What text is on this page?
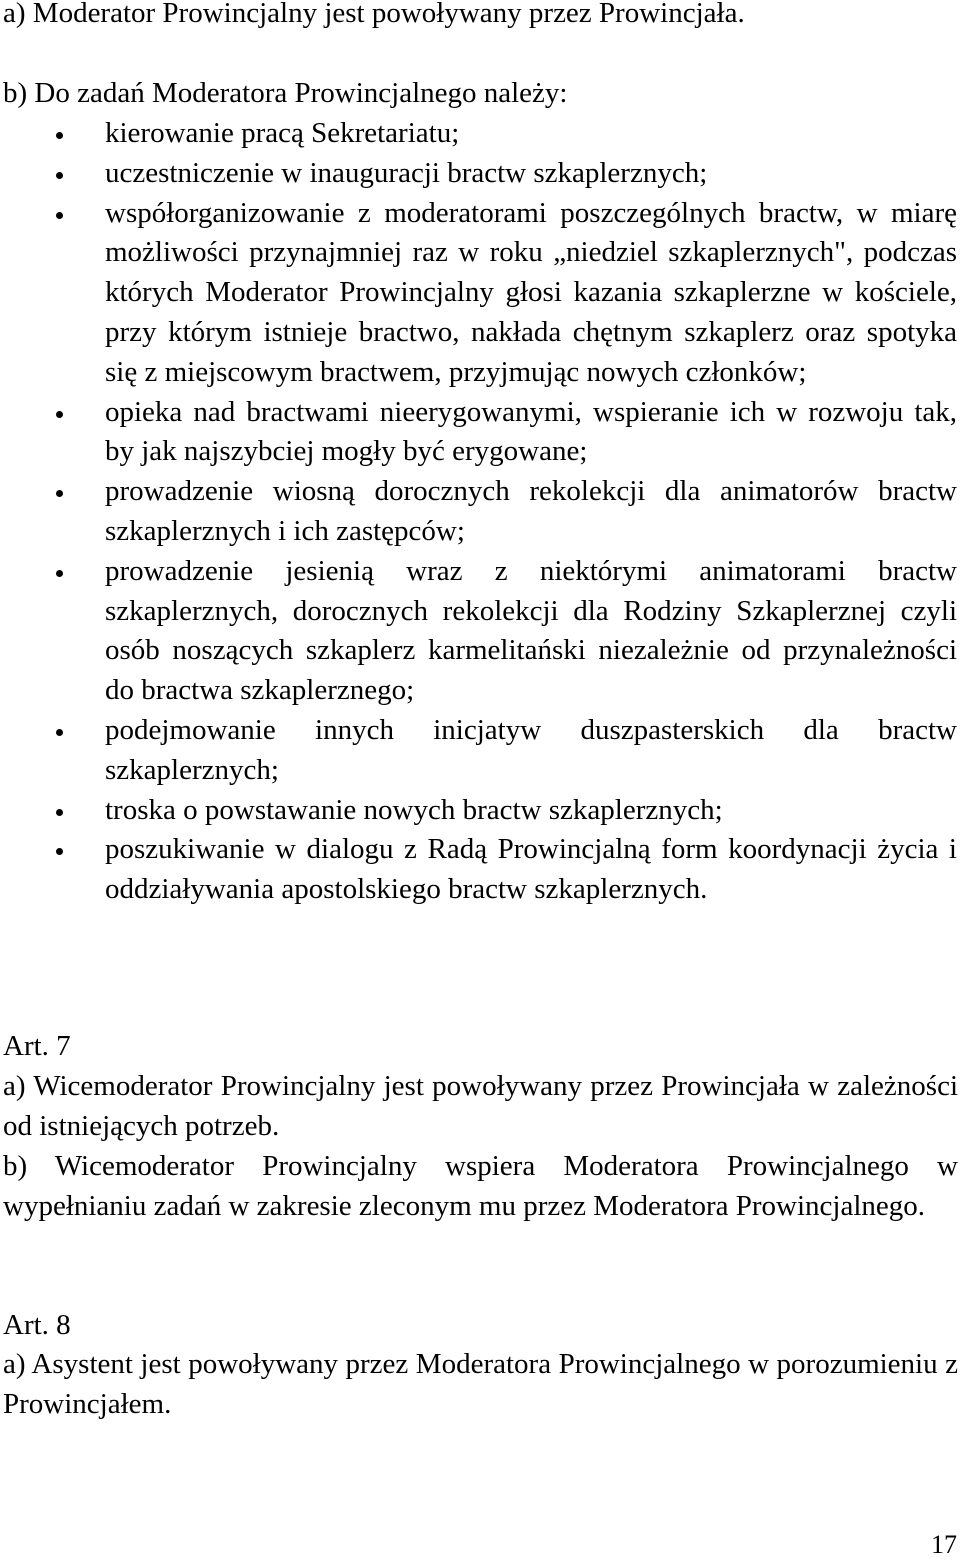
a) Moderator Prowincjalny jest powoływany przez Prowincjała.

b) Do zadań Moderatora Prowincjalnego należy:

kierowanie pracą Sekretariatu;
uczestniczenie w inauguracji bractw szkaplerznych;
współorganizowanie z moderatorami poszczególnych bractw, w miarę możliwości przynajmniej raz w roku „niedziel szkaplerznych", podczas których Moderator Prowincjalny głosi kazania szkaplerzne w kościele, przy którym istnieje bractwo, nakłada chętnym szkaplerz oraz spotyka się z miejscowym bractwem, przyjmując nowych członków;
opieka nad bractwami nieerygowanymi, wspieranie ich w rozwoju tak, by jak najszybciej mogły być erygowane;
prowadzenie wiosną dorocznych rekolekcji dla animatorów bractw szkaplerznych i ich zastępców;
prowadzenie jesienią wraz z niektórymi animatorami bractw szkaplerznych, dorocznych rekolekcji dla Rodziny Szkaplerznej czyli osób noszących szkaplerz karmelitański niezależnie od przynależności do bractwa szkaplerznego;
podejmowanie innych inicjatyw duszpasterskich dla bractw szkaplerznych;
troska o powstawanie nowych bractw szkaplerznych;
poszukiwanie w dialogu z Radą Prowincjalną form koordynacji życia i oddziaływania apostolskiego bractw szkaplerznych.

Art. 7

a) Wicemoderator Prowincjalny jest powoływany przez Prowincjała w zależności od istniejących potrzeb.

b) Wicemoderator Prowincjalny wspiera Moderatora Prowincjalnego w wypełnianiu zadań w zakresie zleconym mu przez Moderatora Prowincjalnego.

Art. 8

a) Asystent jest powoływany przez Moderatora Prowincjalnego w porozumieniu z Prowincjałem.

17
